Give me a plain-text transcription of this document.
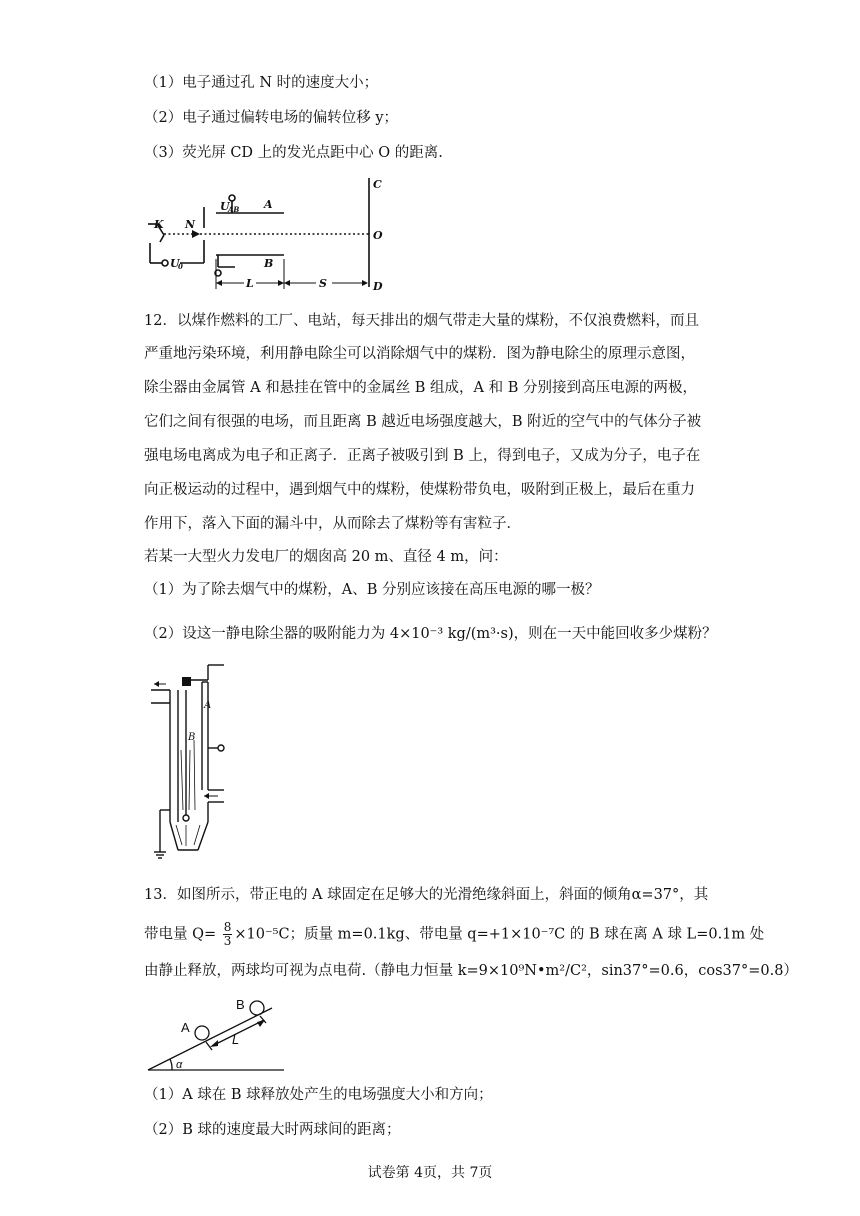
（1）电子通过孔 N 时的速度大小；
（2）电子通过偏转电场的偏转位移 y；
（3）荧光屏 CD 上的发光点距中心 O 的距离.
C
O
D
K N
U
AB A
B
U
0
L	S
12．以煤作燃料的工厂、电站，每天排出的烟气带走大量的煤粉，不仅浪费燃料，而且
严重地污染环境，利用静电除尘可以消除烟气中的煤粉．图为静电除尘的原理示意图，
除尘器由金属管 A 和悬挂在管中的金属丝 B 组成，A 和 B 分别接到高压电源的两极，
它们之间有很强的电场，而且距离 B 越近电场强度越大，B 附近的空气中的气体分子被
强电场电离成为电子和正离子．正离子被吸引到 B 上，得到电子，又成为分子，电子在
向正极运动的过程中，遇到烟气中的煤粉，使煤粉带负电，吸附到正极上，最后在重力
作用下，落入下面的漏斗中，从而除去了煤粉等有害粒子．
若某一大型火力发电厂的烟囱高 20 m、直径 4 m，问：
（1）为了除去烟气中的煤粉，A、B 分别应该接在高压电源的哪一极？
（2）设这一静电除尘器的吸附能力为 4×10⁻³ kg/(m³·s)，则在一天中能回收多少煤粉？
A
B
13．如图所示，带正电的 A 球固定在足够大的光滑绝缘斜面上，斜面的倾角α=37°，其
带电量 $Q= \frac{8}{3} \times 10^{-5}C$；质量 m=0.1kg、带电量 q=+1×10⁻⁷C 的 B 球在离 A 球 L=0.1m 处
由静止释放，两球均可视为点电荷.（静电力恒量 k=9×10⁹N•m²/C²，sin37°=0.6，cos37°=0.8）
A
B
L
α
（1）A 球在 B 球释放处产生的电场强度大小和方向；
（2）B 球的速度最大时两球间的距离；
试卷第 4页，共 7页
